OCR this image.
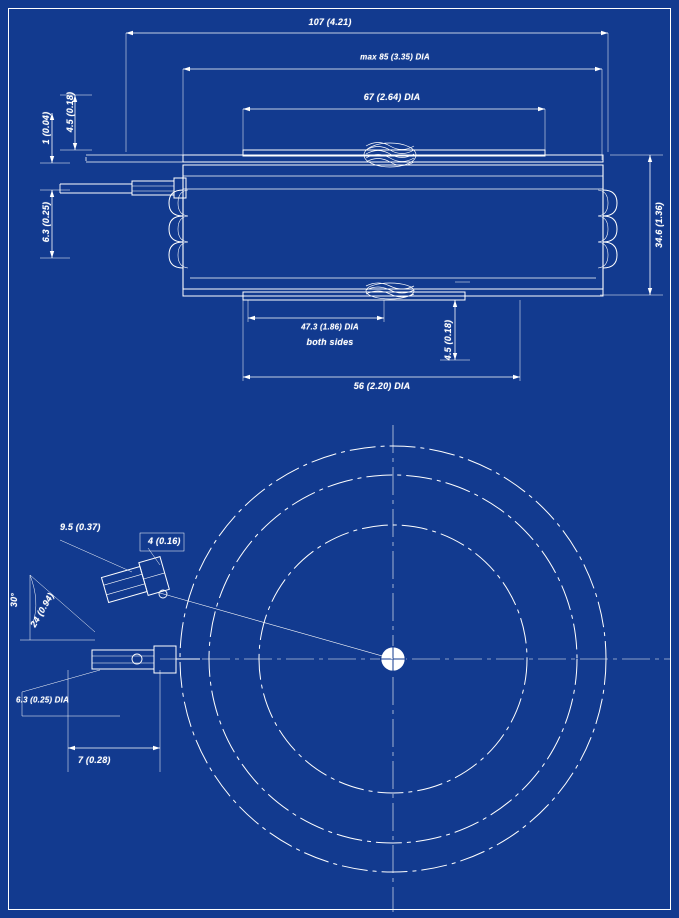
107 (4.21)
max 85 (3.35) DIA
67 (2.64) DIA
4.5 (0.18)
1 (0.04)
6.3 (0.25)	34.6 (1.36)
47.3 (1.86) DIA
both sides	4.5 (0.18)
56 (2.20) DIA
9.5 (0.37)
4 (0.16)
30° 24 (0.94)
6.3 (0.25) DIA
7 (0.28)
